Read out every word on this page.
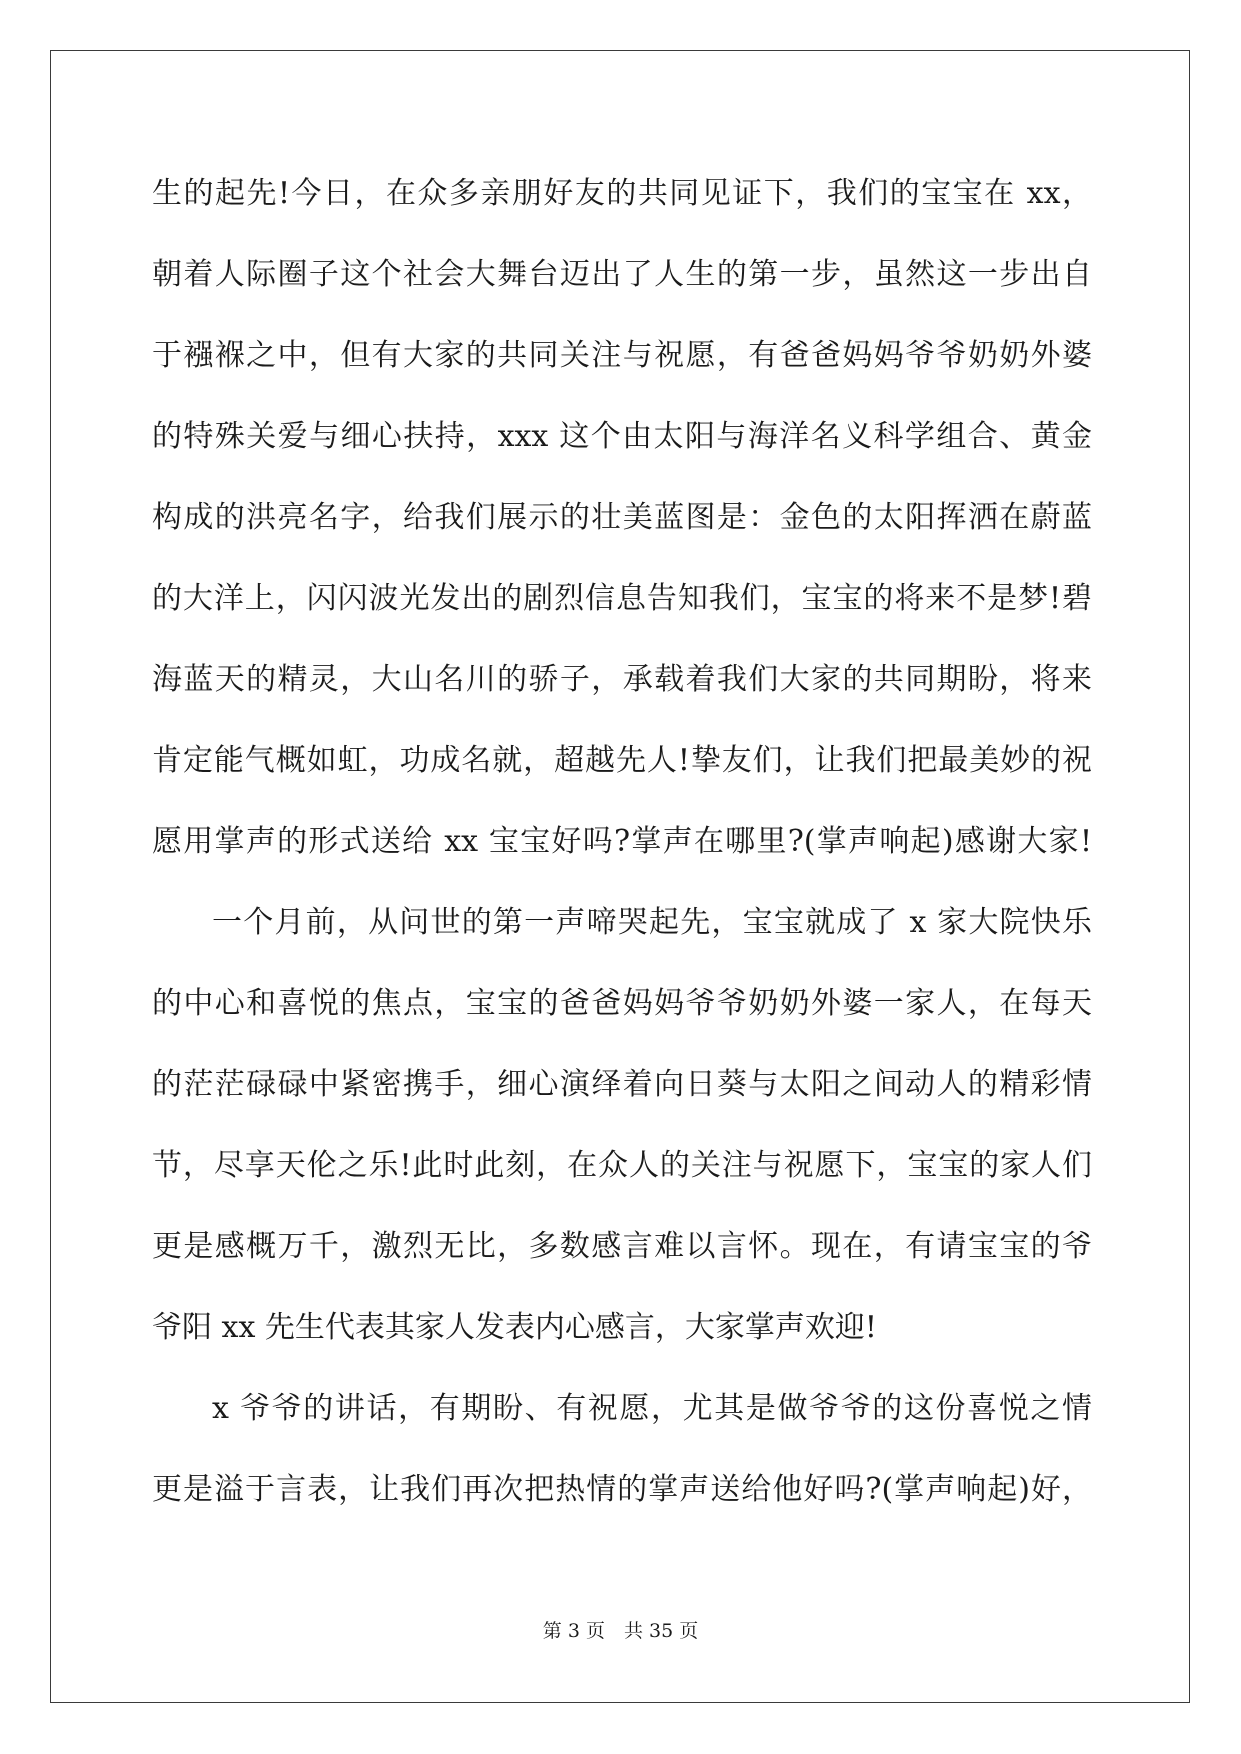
生的起先!今日，在众多亲朋好友的共同见证下，我们的宝宝在 xx，
朝着人际圈子这个社会大舞台迈出了人生的第一步，虽然这一步出自
于襁褓之中，但有大家的共同关注与祝愿，有爸爸妈妈爷爷奶奶外婆
的特殊关爱与细心扶持，xxx 这个由太阳与海洋名义科学组合、黄金
构成的洪亮名字，给我们展示的壮美蓝图是：金色的太阳挥洒在蔚蓝
的大洋上，闪闪波光发出的剧烈信息告知我们，宝宝的将来不是梦!碧
海蓝天的精灵，大山名川的骄子，承载着我们大家的共同期盼，将来
肯定能气概如虹，功成名就，超越先人!挚友们，让我们把最美妙的祝
愿用掌声的形式送给 xx 宝宝好吗?掌声在哪里?(掌声响起)感谢大家!
一个月前，从问世的第一声啼哭起先，宝宝就成了 x 家大院快乐
的中心和喜悦的焦点，宝宝的爸爸妈妈爷爷奶奶外婆一家人，在每天
的茫茫碌碌中紧密携手，细心演绎着向日葵与太阳之间动人的精彩情
节，尽享天伦之乐!此时此刻，在众人的关注与祝愿下，宝宝的家人们
更是感概万千，激烈无比，多数感言难以言怀。现在，有请宝宝的爷
爷阳 xx 先生代表其家人发表内心感言，大家掌声欢迎!
x 爷爷的讲话，有期盼、有祝愿，尤其是做爷爷的这份喜悦之情
更是溢于言表，让我们再次把热情的掌声送给他好吗?(掌声响起)好，
第 3 页　共 35 页
